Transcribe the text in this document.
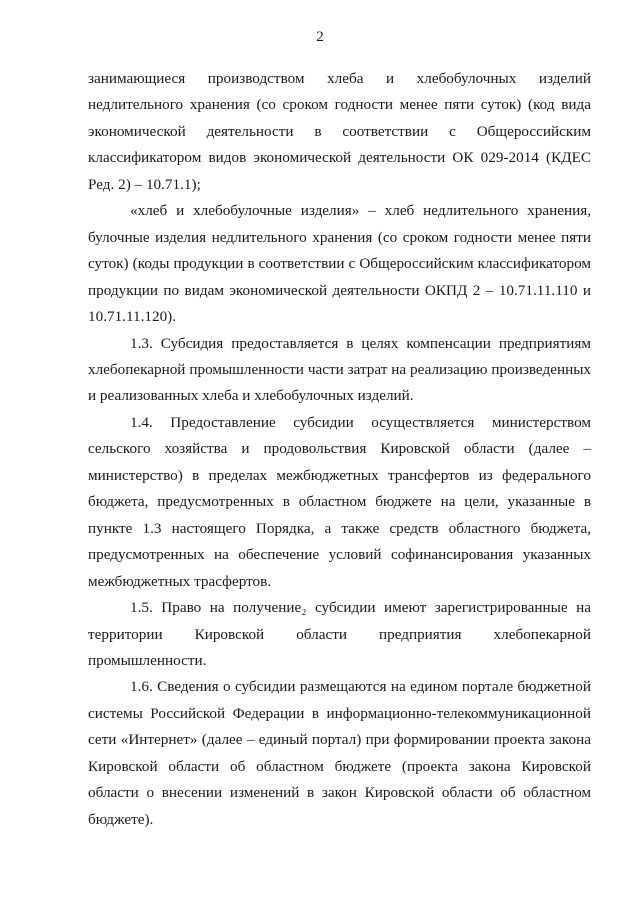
2

занимающиеся производством хлеба и хлебобулочных изделий недлительного хранения (со сроком годности менее пяти суток) (код вида экономической деятельности в соответствии с Общероссийским классификатором видов экономической деятельности ОК 029-2014 (КДЕС Ред. 2) – 10.71.1);

«хлеб и хлебобулочные изделия» – хлеб недлительного хранения, булочные изделия недлительного хранения (со сроком годности менее пяти суток) (коды продукции в соответствии с Общероссийским классификатором продукции по видам экономической деятельности ОКПД 2 – 10.71.11.110 и 10.71.11.120).

1.3. Субсидия предоставляется в целях компенсации предприятиям хлебопекарной промышленности части затрат на реализацию произведенных и реализованных хлеба и хлебобулочных изделий.

1.4. Предоставление субсидии осуществляется министерством сельского хозяйства и продовольствия Кировской области (далее – министерство) в пределах межбюджетных трансфертов из федерального бюджета, предусмотренных в областном бюджете на цели, указанные в пункте 1.3 настоящего Порядка, а также средств областного бюджета, предусмотренных на обеспечение условий софинансирования указанных межбюджетных трасфертов.

1.5. Право на получение₂ субсидии имеют зарегистрированные на территории Кировской области предприятия хлебопекарной промышленности.

1.6. Сведения о субсидии размещаются на едином портале бюджетной системы Российской Федерации в информационно-телекоммуникационной сети «Интернет» (далее – единый портал) при формировании проекта закона Кировской области об областном бюджете (проекта закона Кировской области о внесении изменений в закон Кировской области об областном бюджете).
